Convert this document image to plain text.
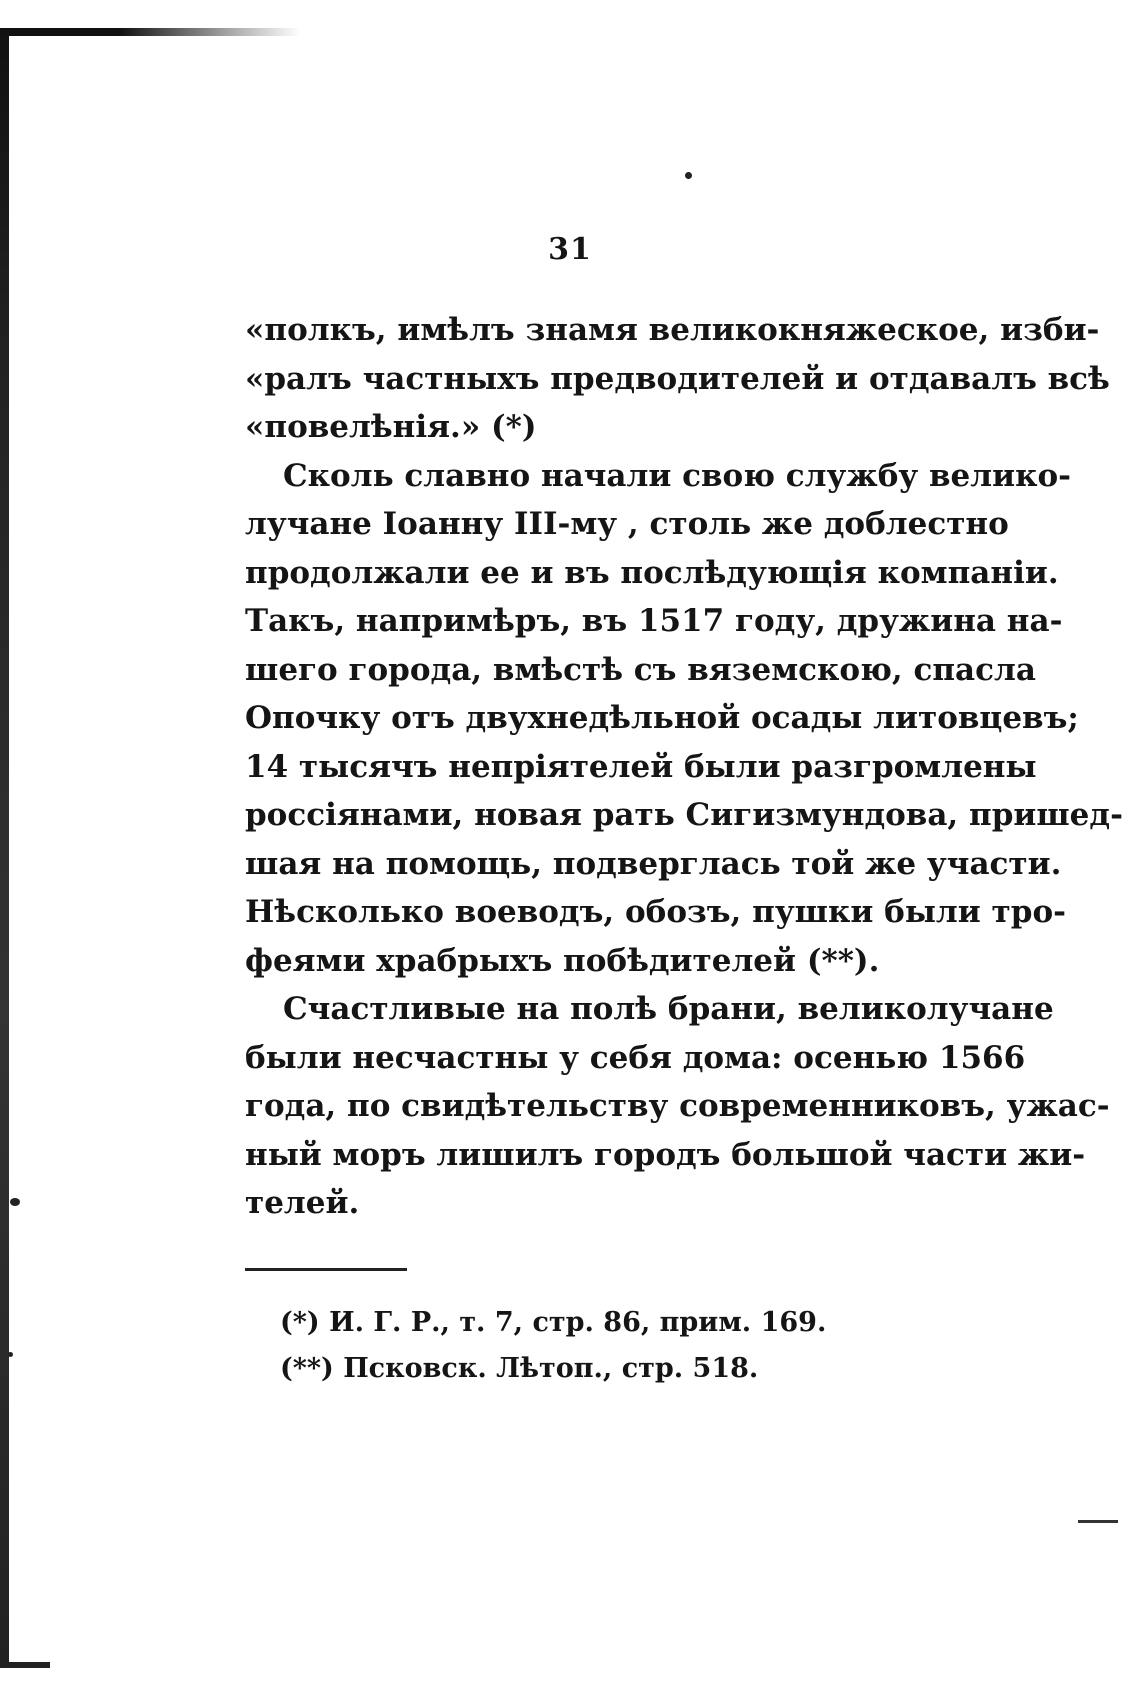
31

«полкъ, имѣлъ знамя великокняжеское, изби-
«ралъ частныхъ предводителей и отдавалъ всѣ
«повелѣнія.» (*)

Сколь славно начали свою службу велико-
лучане Іоанну III-му , столь же доблестно
продолжали ее и въ послѣдующія компаніи.
Такъ, напримѣръ, въ 1517 году, дружина на-
шего города, вмѣстѣ съ вяземскою, спасла
Опочку отъ двухнедѣльной осады литовцевъ;
14 тысячъ непріятелей были разгромлены
россіянами, новая рать Сигизмундова, пришед-
шая на помощь, подверглась той же участи.
Нѣсколько воеводъ, обозъ, пушки были тро-
феями храбрыхъ побѣдителей (**).

Счастливые на полѣ брани, великолучане
были несчастны у себя дома: осенью 1566
года, по свидѣтельству современниковъ, ужас-
ный моръ лишилъ городъ большой части жи-
телей.

(*) И. Г. Р., т. 7, стр. 86, прим. 169.
(**) Псковск. Лѣтоп., стр. 518.
